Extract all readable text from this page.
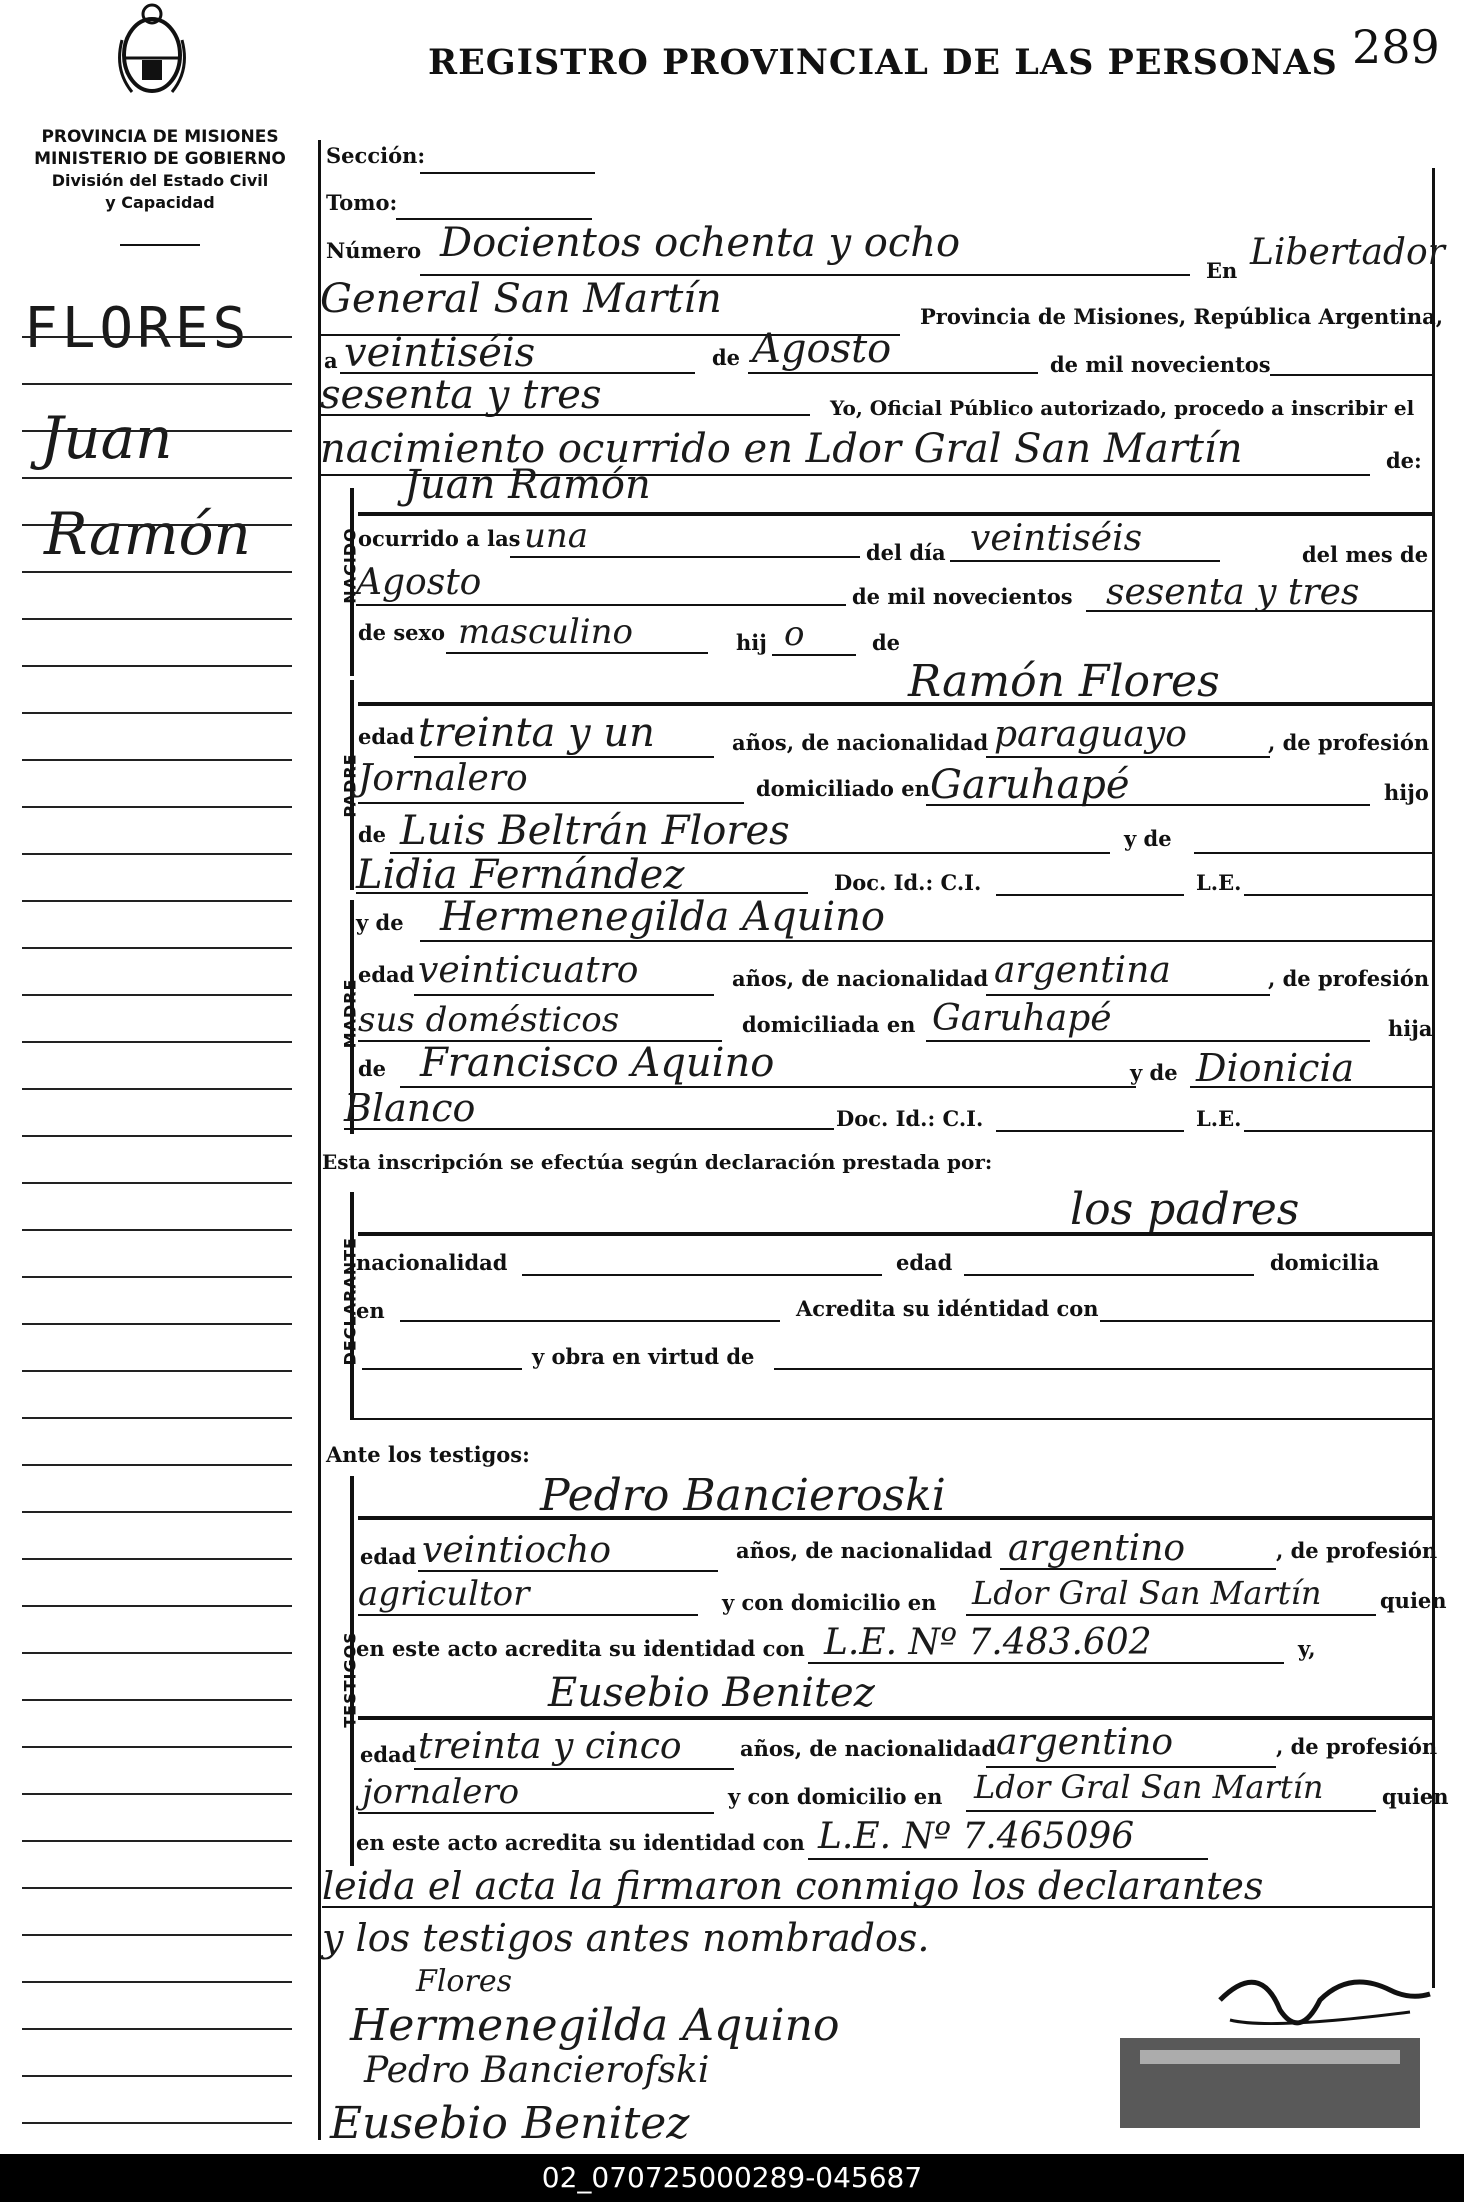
REGISTRO PROVINCIAL DE LAS PERSONAS 289
PROVINCIA DE MISIONES
MINISTERIO DE GOBIERNO
División del Estado Civil
y Capacidad
FLORES
Juan
Ramón
Sección:
Tomo:
Número Docientos ochenta y ocho
En Libertador
General San Martín	Provincia de Misiones, República Argentina,
a veintiséis	de Agosto	de mil novecientos
sesenta y tres	Yo, Oficial Público autorizado, procedo a inscribir el
nacimiento ocurrido en Ldor Gral San Martín	de:
NACIDO
Juan Ramón
ocurrido a las una	del día veintiséis	del mes de
Agosto	de mil novecientos sesenta y tres
de sexo masculino	hij o	de
PADRE
Ramón Flores
edad treinta y un	años, de nacionalidad paraguayo	, de profesión
Jornalero	domiciliado en Garuhapé	hijo
de Luis Beltrán Flores	y de
Lidia Fernández	Doc. Id.: C.I.	L.E.
MADRE
y de Hermenegilda Aquino
edad veinticuatro	años, de nacionalidad argentina	, de profesión
sus domésticos	domiciliada en Garuhapé	hija
de Francisco Aquino	y de Dionicia
Blanco	Doc. Id.: C.I.	L.E.
Esta inscripción se efectúa según declaración prestada por:
DECLARANTE
los padres
nacionalidad	edad	domicilia
en	Acredita su idéntidad con
y obra en virtud de
Ante los testigos:
TESTIGOS
Pedro Bancieroski
edad veintiocho	años, de nacionalidad argentino	, de profesión
agricultor	y con domicilio en Ldor Gral San Martín	quien
en este acto acredita su identidad con L.E. Nº 7.483.602	y,
Eusebio Benitez
edad treinta y cinco	años, de nacionalidad argentino	, de profesión
jornalero	y con domicilio en Ldor Gral San Martín	quien
en este acto acredita su identidad con L.E. Nº 7.465096
leida el acta la firmaron conmigo los declarantes
y los testigos antes nombrados.
Flores
Hermenegilda Aquino
Pedro Bancierofski
Eusebio Benitez
02_070725000289-045687
